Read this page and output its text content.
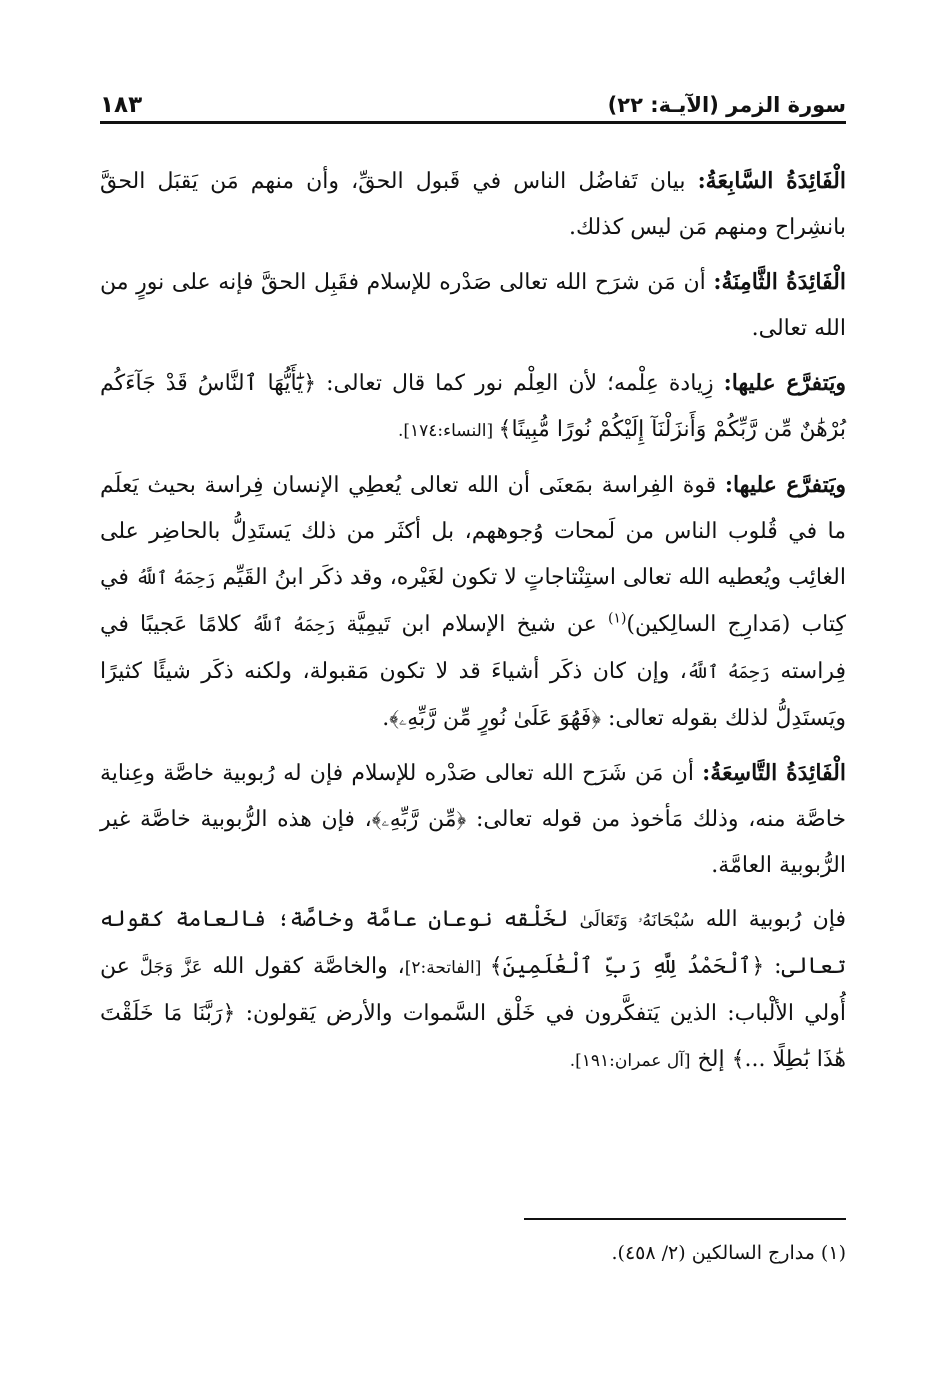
سورة الزمر (الآيـة: ٢٢)
١٨٣

الْفَائِدَةُ السَّابِعَةُ: بيان تَفاضُل الناس في قَبول الحقِّ، وأن منهم مَن يَقبَل الحقَّ بانشِراح ومنهم مَن ليس كذلك.

الْفَائِدَةُ الثَّامِنَةُ: أن مَن شرَح الله تعالى صَدْره للإسلام فقَبِل الحقَّ فإنه على نورٍ من الله تعالى.

ويَتفرَّع عليها: زِيادة عِلْمه؛ لأن العِلْم نور كما قال تعالى: ﴿يَٰٓأَيُّهَا ٱلنَّاسُ قَدْ جَآءَكُم بُرْهَٰنٌ مِّن رَّبِّكُمْ وَأَنزَلْنَآ إِلَيْكُمْ نُورًا مُّبِينًا﴾ [النساء:١٧٤].

ويَتفرَّع عليها: قوة الفِراسة بمَعنَى أن الله تعالى يُعطِي الإنسان فِراسة بحيث يَعلَم ما في قُلوب الناس من لَمحات وُجوههم، بل أكثَر من ذلك يَستَدِلُّ بالحاضِر على الغائِب ويُعطيه الله تعالى استِنْتاجاتٍ لا تكون لغَيْره، وقد ذكَر ابنُ القَيِّم رَحِمَهُ ٱللَّهُ في كِتاب (مَدارِج السالِكين)$^{(١)}$ عن شيخ الإسلام ابن تَيمِيَّة رَحِمَهُ ٱللَّهُ كلامًا عَجيبًا في فِراسته رَحِمَهُ ٱللَّهُ، وإن كان ذكَر أشياءَ قد لا تكون مَقبولة، ولكنه ذكَر شيئًا كثيرًا ويَستَدِلُّ لذلك بقوله تعالى: ﴿فَهُوَ عَلَىٰ نُورٍ مِّن رَّبِّهِۦ﴾.

الْفَائِدَةُ التَّاسِعَةُ: أن مَن شَرَح الله تعالى صَدْره للإسلام فإن له رُبوبية خاصَّة وعِناية خاصَّة منه، وذلك مَأخوذ من قوله تعالى: ﴿مِّن رَّبِّهِۦ﴾، فإن هذه الرُّبوبية خاصَّة غير الرُّبوبية العامَّة.

فإن رُبوبية الله سُبْحَانَهُۥ وَتَعَالَىٰ لخَلْقه نوعان عامَّة وخاصَّة؛ فالعامة كقوله تعالى: ﴿ٱلْحَمْدُ لِلَّهِ رَبِّ ٱلْعَٰلَمِينَ﴾ [الفاتحة:٢]، والخاصَّة كقول الله عَزَّ وَجَلَّ عن أُولي الألْباب: الذين يَتفكَّرون في خَلْق السَّموات والأرض يَقولون: ﴿رَبَّنَا مَا خَلَقْتَ هَٰذَا بَٰطِلًا ...﴾ إلخ [آل عمران:١٩١].

(١) مدارج السالكين (٢/ ٤٥٨).
